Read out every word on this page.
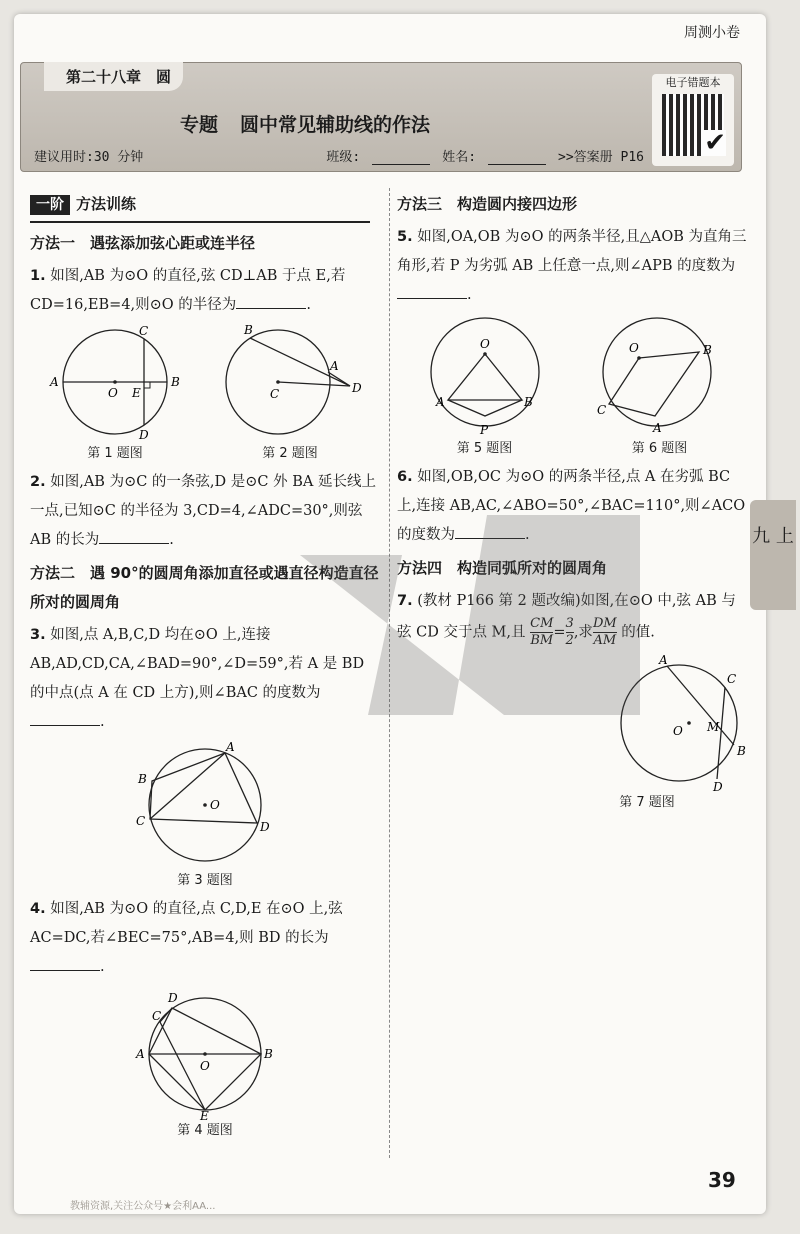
周测小卷
第二十八章　圆
专题 圆中常见辅助线的作法
建议用时:30 分钟	班级:	姓名:	>>答案册 P16
电子错题本
✔
一阶 方法训练
方法一　遇弦添加弦心距或连半径
1. 如图,AB 为⊙O 的直径,弦 CD⊥AB 于点 E,若 CD=16,EB=4,则⊙O 的半径为	.
A	B
C
D
E
O
第 1 题图
B
A
D
C
第 2 题图
2. 如图,AB 为⊙C 的一条弦,D 是⊙C 外 BA 延长线上一点,已知⊙C 的半径为 3,CD=4,∠ADC=30°,则弦 AB 的长为	.
方法二　遇 90°的圆周角添加直径或遇直径构造直径所对的圆周角
3. 如图,点 A,B,C,D 均在⊙O 上,连接 AB,AD,CD,CA,∠BAD=90°,∠D=59°,若 A 是 BD 的中点(点 A 在 CD 上方),则∠BAC 的度数为.
A
B
C	D
O
第 3 题图
4. 如图,AB 为⊙O 的直径,点 C,D,E 在⊙O 上,弦 AC=DC,若∠BEC=75°,AB=4,则 BD 的长为.
C
D
A	B
E
O
第 4 题图
方法三　构造圆内接四边形
5. 如图,OA,OB 为⊙O 的两条半径,且△AOB 为直角三角形,若 P 为劣弧 AB 上任意一点,则∠APB 的度数为.
O
A	B
P
第 5 题图
O	B
C
A
第 6 题图
6. 如图,OB,OC 为⊙O 的两条半径,点 A 在劣弧 BC 上,连接 AB,AC,∠ABO=50°,∠BAC=110°,则∠ACO 的度数为	.
方法四　构造同弧所对的圆周角
7. (教材 P166 第 2 题改编)如图,在⊙O 中,弦 AB 与弦 CD 交于点 M,且 $\frac{CM}{BM} = \frac{3}{2}$ ,求 $\frac{DM}{AM}$ 的值.
A
C
B
D
M
O
第 7 题图
九 上
39
教辅资源,关注公众号★会利AA...
